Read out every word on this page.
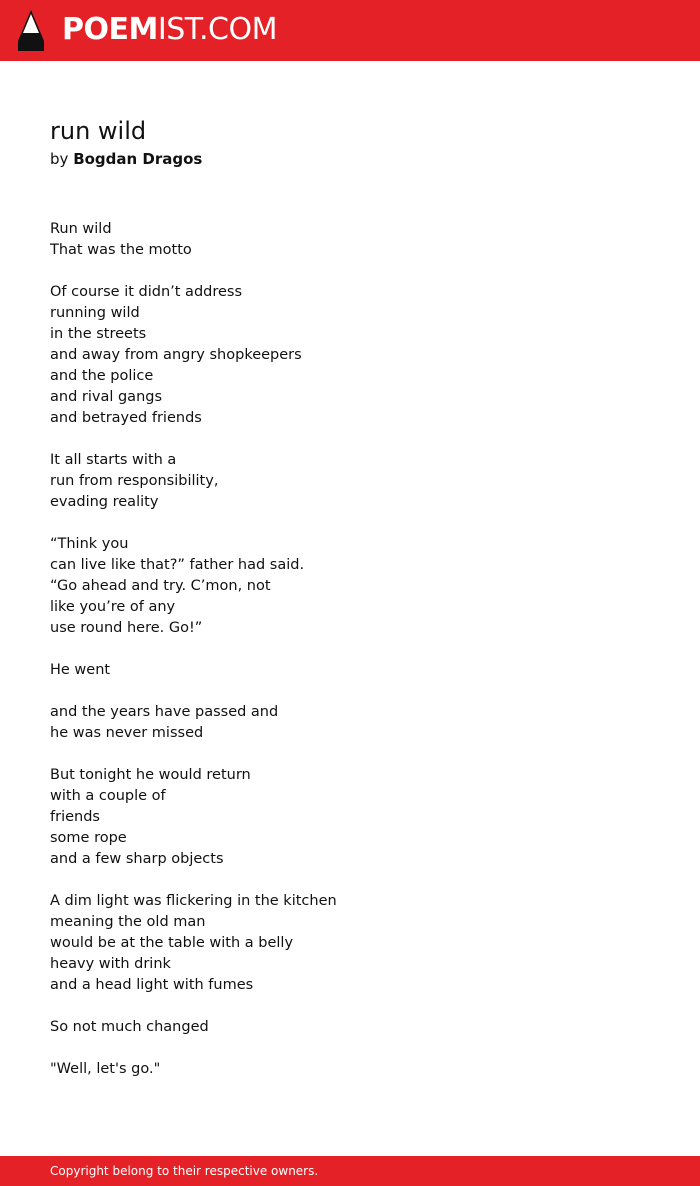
POEMIST.COM
run wild
by Bogdan Dragos
Run wild
That was the motto
Of course it didn’t address
running wild
in the streets
and away from angry shopkeepers
and the police
and rival gangs
and betrayed friends
It all starts with a
run from responsibility,
evading reality
“Think you
can live like that?” father had said.
“Go ahead and try. C’mon, not
like you’re of any
use round here. Go!”
He went
and the years have passed and
he was never missed
But tonight he would return
with a couple of
friends
some rope
and a few sharp objects
A dim light was flickering in the kitchen
meaning the old man
would be at the table with a belly
heavy with drink
and a head light with fumes
So not much changed
"Well, let's go."
Copyright belong to their respective owners.
